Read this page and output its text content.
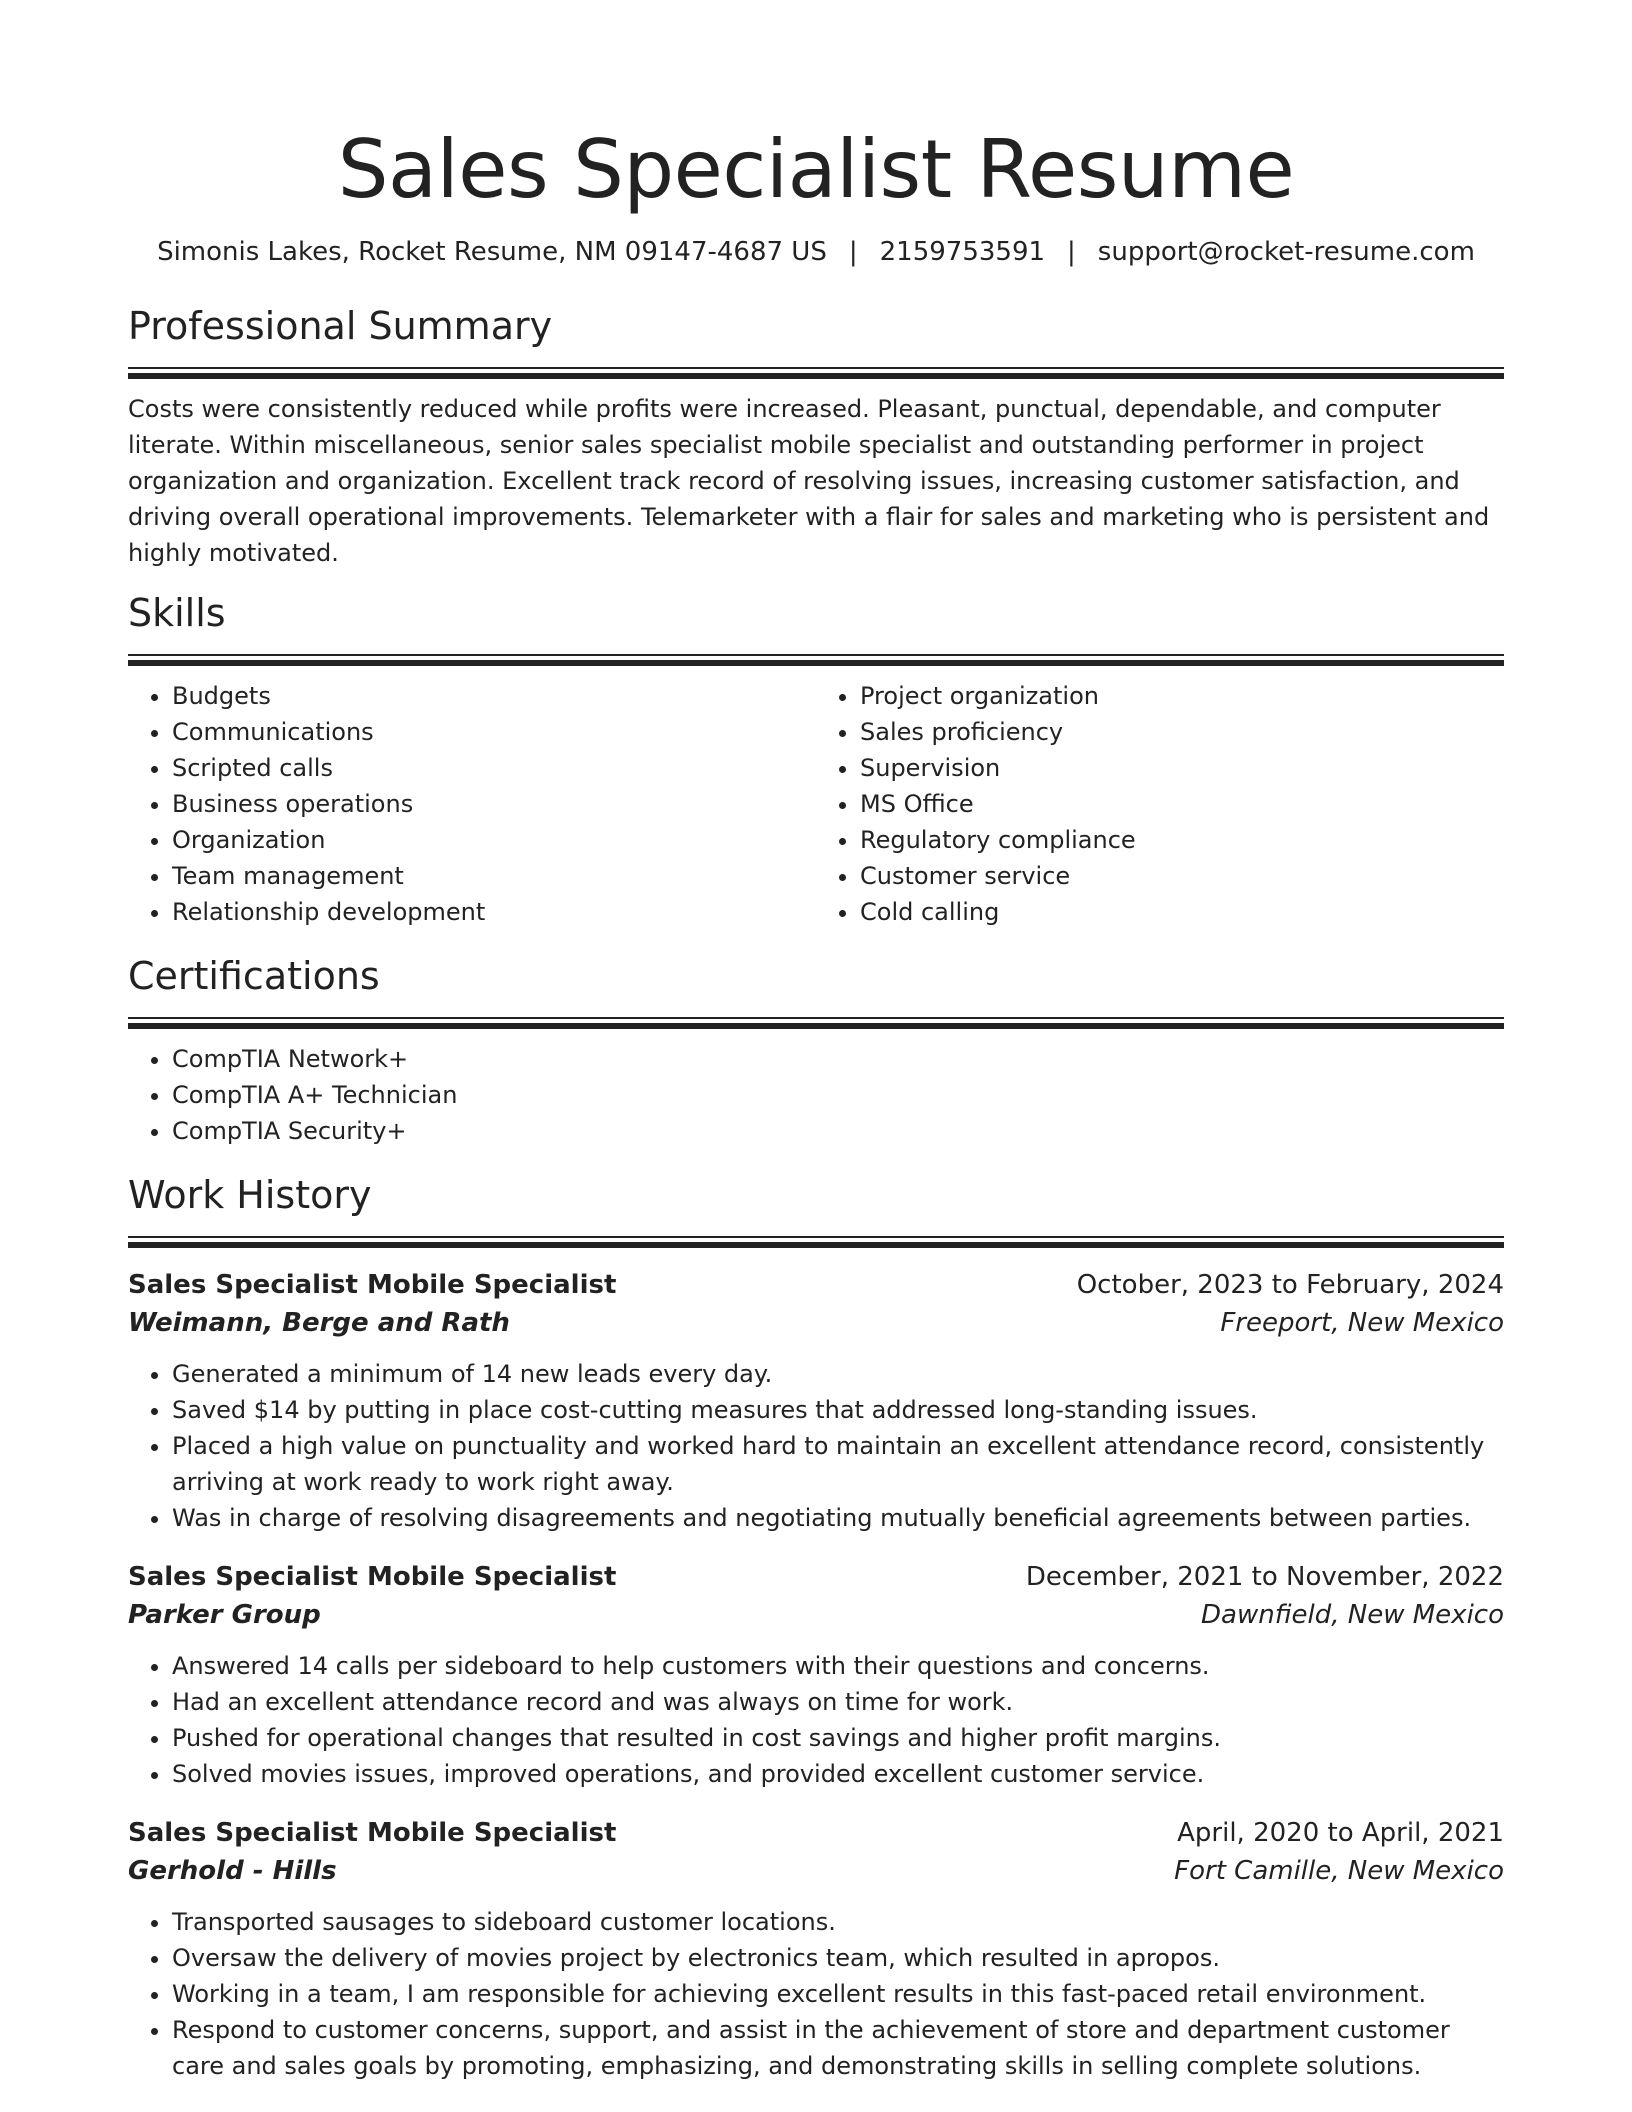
Sales Specialist Resume
Simonis Lakes, Rocket Resume, NM 09147-4687 US | 2159753591 | support@rocket-resume.com
Professional Summary

Costs were consistently reduced while profits were increased. Pleasant, punctual, dependable, and computer literate. Within miscellaneous, senior sales specialist mobile specialist and outstanding performer in project organization and organization. Excellent track record of resolving issues, increasing customer satisfaction, and driving overall operational improvements. Telemarketer with a flair for sales and marketing who is persistent and highly motivated.

Skills
• Budgets
• Communications
• Scripted calls
• Business operations
• Organization
• Team management
• Relationship development
• Project organization
• Sales proficiency
• Supervision
• MS Office
• Regulatory compliance
• Customer service
• Cold calling
Certifications
• CompTIA Network+
• CompTIA A+ Technician
• CompTIA Security+
Work History
Sales Specialist Mobile Specialist	October, 2023 to February, 2024
Weimann, Berge and Rath	Freeport, New Mexico
• Generated a minimum of 14 new leads every day.
• Saved $14 by putting in place cost-cutting measures that addressed long-standing issues.
• Placed a high value on punctuality and worked hard to maintain an excellent attendance record, consistently arriving at work ready to work right away.
• Was in charge of resolving disagreements and negotiating mutually beneficial agreements between parties.
Sales Specialist Mobile Specialist	December, 2021 to November, 2022
Parker Group	Dawnfield, New Mexico
• Answered 14 calls per sideboard to help customers with their questions and concerns.
• Had an excellent attendance record and was always on time for work.
• Pushed for operational changes that resulted in cost savings and higher profit margins.
• Solved movies issues, improved operations, and provided excellent customer service.
Sales Specialist Mobile Specialist	April, 2020 to April, 2021
Gerhold - Hills	Fort Camille, New Mexico
• Transported sausages to sideboard customer locations.
• Oversaw the delivery of movies project by electronics team, which resulted in apropos.
• Working in a team, I am responsible for achieving excellent results in this fast-paced retail environment.
• Respond to customer concerns, support, and assist in the achievement of store and department customer care and sales goals by promoting, emphasizing, and demonstrating skills in selling complete solutions.
